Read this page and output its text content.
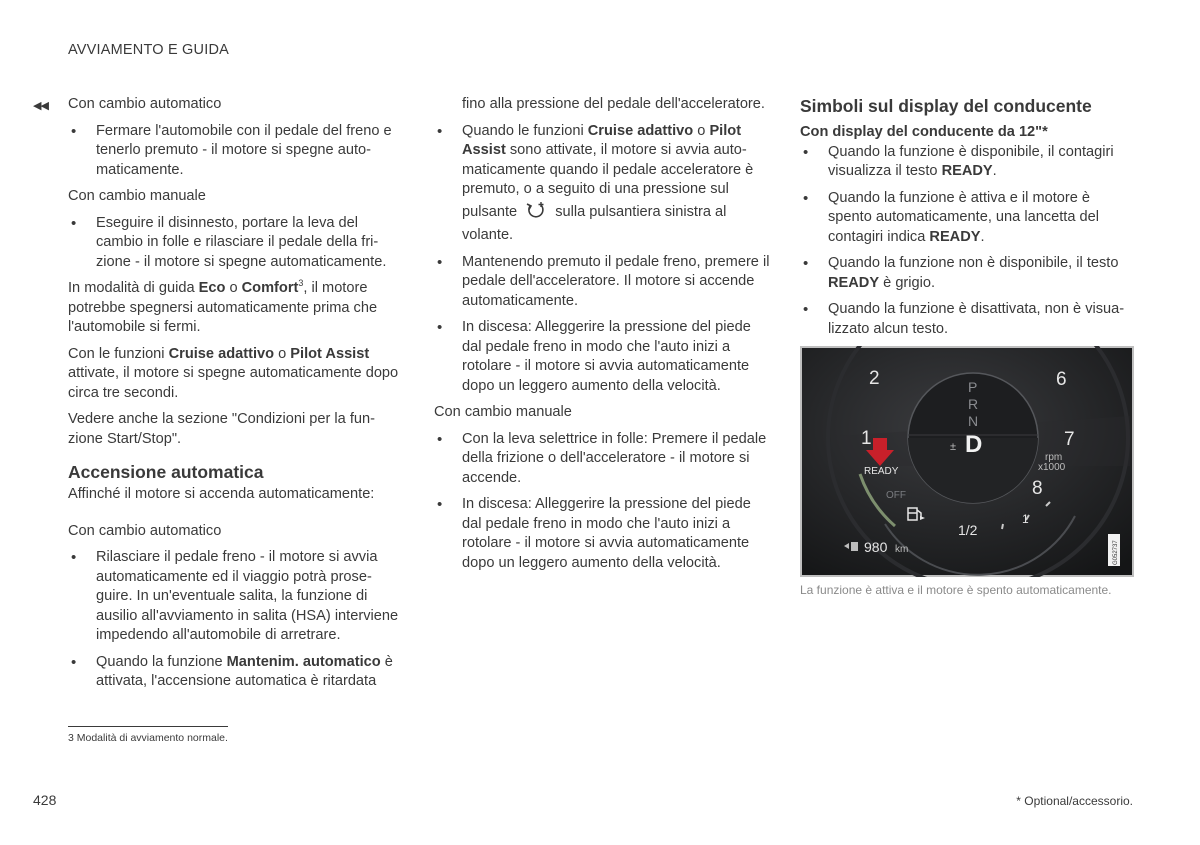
AVVIAMENTO E GUIDA
◀◀ Con cambio automatico

• Fermare l'automobile con il pedale del freno e tenerlo premuto - il motore si spegne automaticamente.

Con cambio manuale

• Eseguire il disinnesto, portare la leva del cambio in folle e rilasciare il pedale della frizione - il motore si spegne automaticamente.

In modalità di guida Eco o Comfort$^3$, il motore potrebbe spegnersi automaticamente prima che l'automobile si fermi.

Con le funzioni Cruise adattivo o Pilot Assist attivate, il motore si spegne automaticamente dopo circa tre secondi.

Vedere anche la sezione "Condizioni per la funzione Start/Stop".

Accensione automatica

Affinché il motore si accenda automaticamente:

Con cambio automatico

• Rilasciare il pedale freno - il motore si avvia automaticamente ed il viaggio potrà proseguire. In un'eventuale salita, la funzione di ausilio all'avviamento in salita (HSA) interviene impedendo all'automobile di arretrare.

• Quando la funzione Mantenim. automatico è attivata, l'accensione automatica è ritardata

fino alla pressione del pedale dell'acceleratore.

• Quando le funzioni Cruise adattivo o Pilot Assist sono attivate, il motore si avvia automaticamente quando il pedale acceleratore è premuto, o a seguito di una pressione sul pulsante	sulla pulsantiera sinistra al volante.

• Mantenendo premuto il pedale freno, premere il pedale dell'acceleratore. Il motore si accende automaticamente.

• In discesa: Alleggerire la pressione del piede dal pedale freno in modo che l'auto inizi a rotolare - il motore si avvia automaticamente dopo un leggero aumento della velocità.

Con cambio manuale

• Con la leva selettrice in folle: Premere il pedale della frizione o dell'acceleratore - il motore si accende.

• In discesa: Alleggerire la pressione del piede dal pedale freno in modo che l'auto inizi a rotolare - il motore si avvia automaticamente dopo un leggero aumento della velocità.

Simboli sul display del conducente

Con display del conducente da 12"*

• Quando la funzione è disponibile, il contagiri visualizza il testo READY.

• Quando la funzione è attiva e il motore è spento automaticamente, una lancetta del contagiri indica READY.

• Quando la funzione non è disponibile, il testo READY è grigio.

• Quando la funzione è disattivata, non è visualizzato alcun testo.

2	6
1	7
8
1/2
1
P
R
N
D
±
rpm
x1000
READY
OFF
980 km	G052737

La funzione è attiva e il motore è spento automaticamente.

3 Modalità di avviamento normale.

428	* Optional/accessorio.
